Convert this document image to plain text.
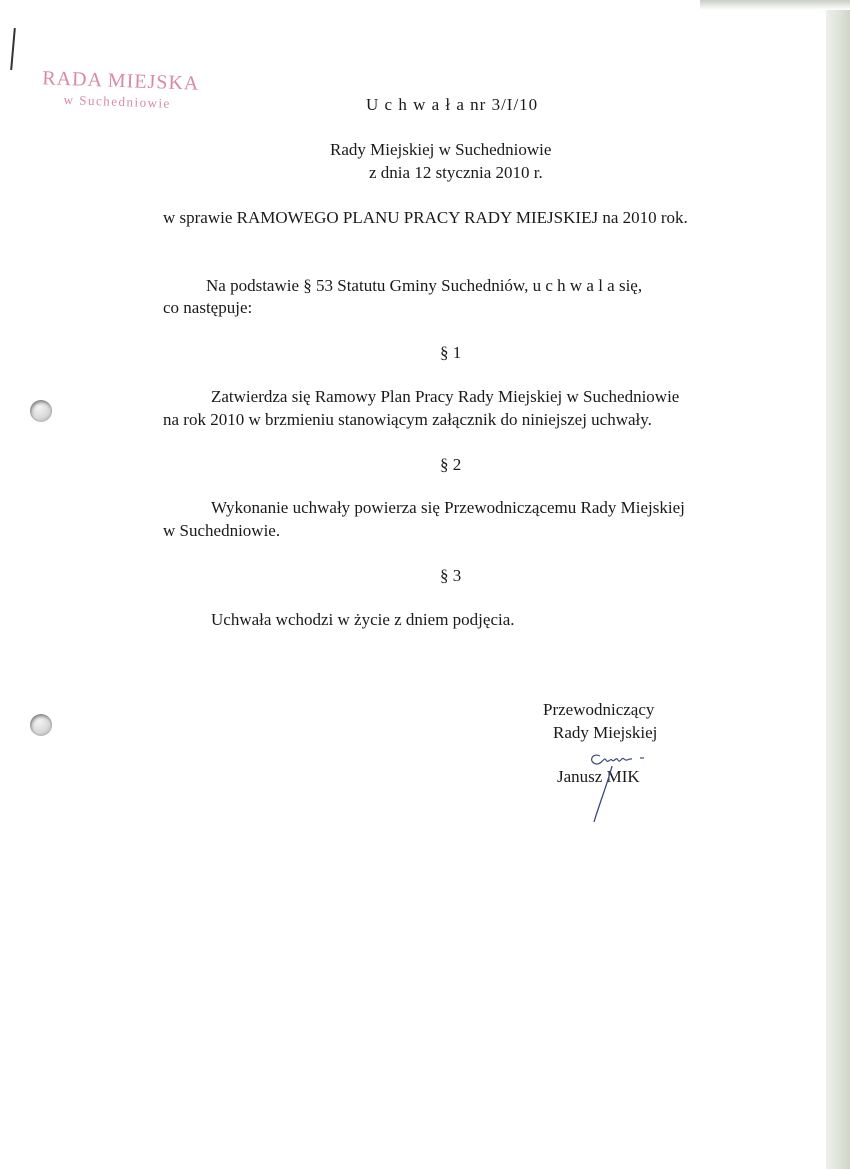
RADA MIEJSKA
w Suchedniowie	U c h w a ł a nr 3/I/10
Rady Miejskiej w Suchedniowie
z dnia 12 stycznia 2010 r.
w sprawie RAMOWEGO PLANU PRACY RADY MIEJSKIEJ na 2010 rok.
Na podstawie § 53 Statutu Gminy Suchedniów, u c h w a l a się,
co następuje:
§ 1
Zatwierdza się Ramowy Plan Pracy Rady Miejskiej w Suchedniowie
na rok 2010 w brzmieniu stanowiącym załącznik do niniejszej uchwały.
§ 2
Wykonanie uchwały powierza się Przewodniczącemu Rady Miejskiej
w Suchedniowie.
§ 3
Uchwała wchodzi w życie z dniem podjęcia.
Przewodniczący
Rady Miejskiej
Janusz MIK
